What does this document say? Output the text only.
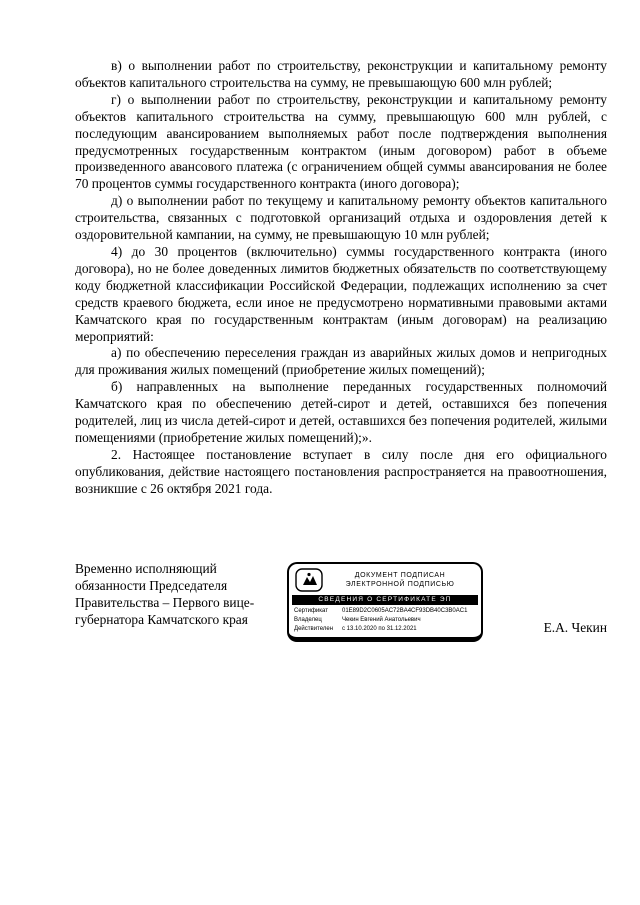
в) о выполнении работ по строительству, реконструкции и капитальному ремонту объектов капитального строительства на сумму, не превышающую 600 млн рублей;

г) о выполнении работ по строительству, реконструкции и капитальному ремонту объектов капитального строительства на сумму, превышающую 600 млн рублей, с последующим авансированием выполняемых работ после подтверждения выполнения предусмотренных государственным контрактом (иным договором) работ в объеме произведенного авансового платежа (с ограничением общей суммы авансирования не более 70 процентов суммы государственного контракта (иного договора);

д) о выполнении работ по текущему и капитальному ремонту объектов капитального строительства, связанных с подготовкой организаций отдыха и оздоровления детей к оздоровительной кампании, на сумму, не превышающую 10 млн рублей;

4) до 30 процентов (включительно) суммы государственного контракта (иного договора), но не более доведенных лимитов бюджетных обязательств по соответствующему коду бюджетной классификации Российской Федерации, подлежащих исполнению за счет средств краевого бюджета, если иное не предусмотрено нормативными правовыми актами Камчатского края по государственным контрактам (иным договорам) на реализацию мероприятий:

а) по обеспечению переселения граждан из аварийных жилых домов и непригодных для проживания жилых помещений (приобретение жилых помещений);

б) направленных на выполнение переданных государственных полномочий Камчатского края по обеспечению детей-сирот и детей, оставшихся без попечения родителей, лиц из числа детей-сирот и детей, оставшихся без попечения родителей, жилыми помещениями (приобретение жилых помещений);».

2. Настоящее постановление вступает в силу после дня его официального опубликования, действие настоящего постановления распространяется на правоотношения, возникшие с 26 октября 2021 года.

Временно исполняющий обязанности Председателя Правительства – Первого вице-губернатора Камчатского края
ДОКУМЕНТ ПОДПИСАН
ЭЛЕКТРОННОЙ ПОДПИСЬЮ
СВЕДЕНИЯ О СЕРТИФИКАТЕ ЭП
Сертификат	01E89D2C0605AC72BA4CF93DB40C3B0AC1
Владелец	Чекин Евгений Анатольевич
Действителен	с 13.10.2020 по 31.12.2021	Е.А. Чекин
